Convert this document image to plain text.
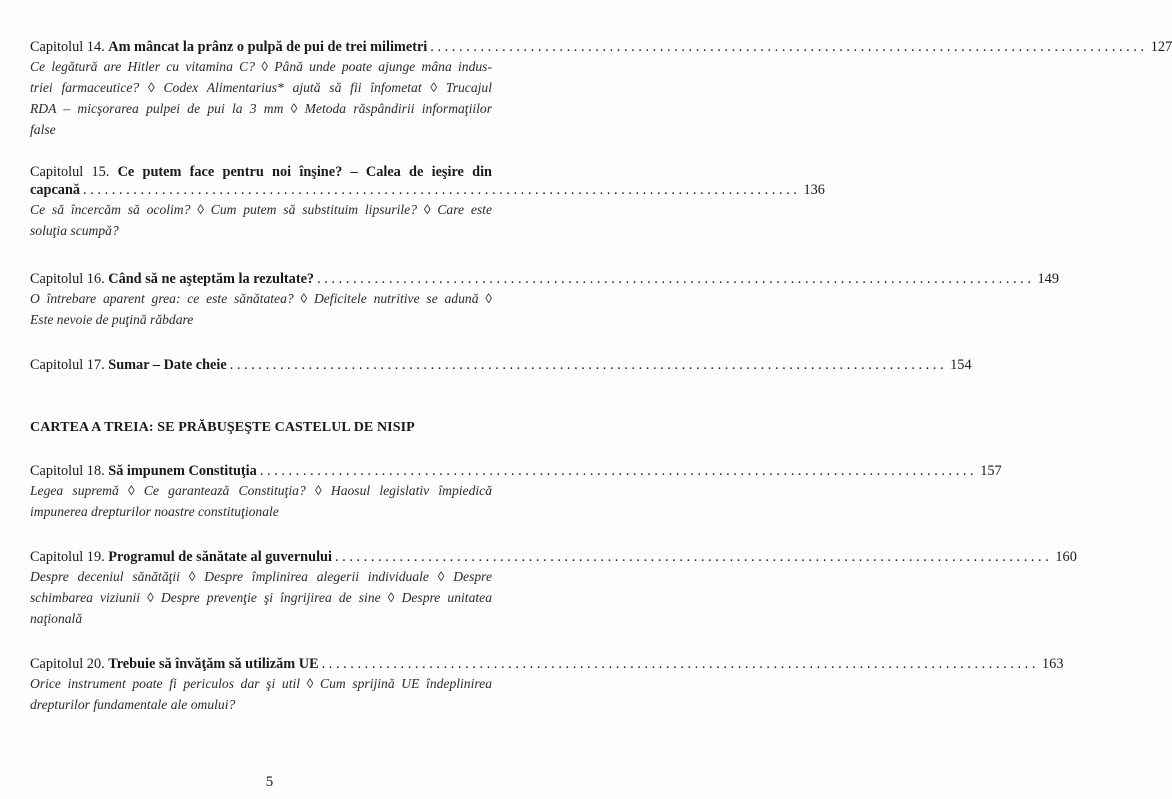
Capitolul 14. Am mâncat la prânz o pulpă de pui de trei milimetri .................................................................................................... 127
Ce legătură are Hitler cu vitamina C? ◊ Până unde poate ajunge mâna indus-
triei farmaceutice? ◊ Codex Alimentarius* ajută să fii înfometat ◊ Trucajul
RDA – micşorarea pulpei de pui la 3 mm ◊ Metoda răspândirii informaţiilor
false
Capitolul 15. Ce putem face pentru noi înşine? – Calea de ieşire din
capcană .................................................................................................... 136
Ce să încercăm să ocolim? ◊ Cum putem să substituim lipsurile? ◊ Care este
soluţia scumpă?
Capitolul 16. Când să ne aşteptăm la rezultate? .................................................................................................... 149
O întrebare aparent grea: ce este sănătatea? ◊ Deficitele nutritive se adună ◊
Este nevoie de puţină răbdare
Capitolul 17. Sumar – Date cheie .................................................................................................... 154
CARTEA A TREIA: SE PRĂBUŞEŞTE CASTELUL DE NISIP
Capitolul 18. Să impunem Constituţia .................................................................................................... 157
Legea supremă ◊ Ce garantează Constituţia? ◊ Haosul legislativ împiedică
impunerea drepturilor noastre constituţionale
Capitolul 19. Programul de sănătate al guvernului .................................................................................................... 160
Despre deceniul sănătăţii ◊ Despre împlinirea alegerii individuale ◊ Despre
schimbarea viziunii ◊ Despre prevenţie şi îngrijirea de sine ◊ Despre unitatea
naţională
Capitolul 20. Trebuie să învăţăm să utilizăm UE .................................................................................................... 163
Orice instrument poate fi periculos dar şi util ◊ Cum sprijină UE îndeplinirea
drepturilor fundamentale ale omului?
5
